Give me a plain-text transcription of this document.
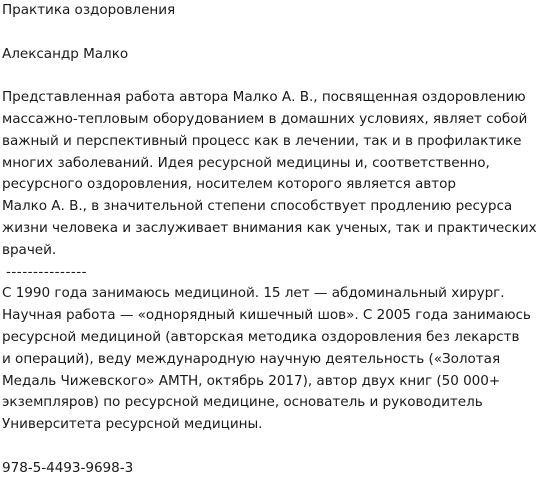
Практика оздоровления
Александр Малко
Представленная работа автора Малко А. В., посвященная оздоровлению
массажно-тепловым оборудованием в домашних условиях, являет собой
важный и перспективный процесс как в лечении, так и в профилактике
многих заболеваний. Идея ресурсной медицины и, соответственно,
ресурсного оздоровления, носителем которого является автор
Малко А. В., в значительной степени способствует продлению ресурса
жизни человека и заслуживает внимания как ученых, так и практических
врачей.
---------------
С 1990 года занимаюсь медициной. 15 лет — абдоминальный хирург.
Научная работа — «однорядный кишечный шов». С 2005 года занимаюсь
ресурсной медициной (авторская методика оздоровления без лекарств
и операций), веду международную научную деятельность («Золотая
Медаль Чижевского» АМТН, октябрь 2017), автор двух книг (50 000+
экземпляров) по ресурсной медицине, основатель и руководитель
Университета ресурсной медицины.
978-5-4493-9698-3
